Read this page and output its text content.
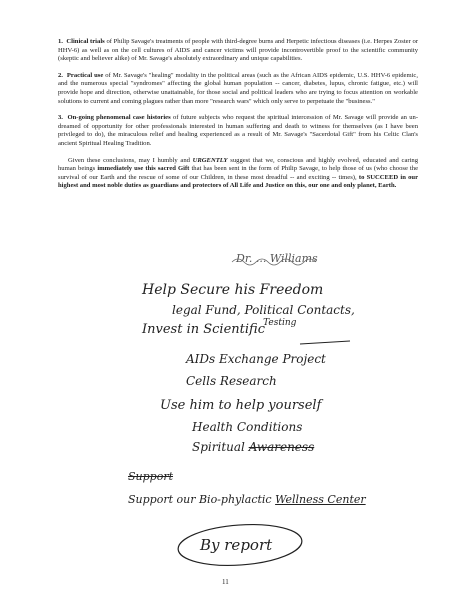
1. Clinical trials of Philip Savage's treatments of people with third-degree burns and Herpetic infectious diseases (i.e. Herpes Zoster or HHV-6) as well as on the cell cultures of AIDS and cancer victims will provide incontrovertible proof to the scientific community (skeptic and believer alike) of Mr. Savage's absolutely extraordinary and unique capabilities.

2. Practical use of Mr. Savage's "healing" modality in the political areas (such as the African AIDS epidemic, U.S. HHV-6 epidemic, and the numerous special "syndromes" affecting the global human population -- cancer, diabetes, lupus, chronic fatigue, etc.) will provide hope and direction, otherwise unattainable, for those social and political leaders who are trying to focus attention on workable solutions to current and coming plagues rather than more "research wars" which only serve to perpetuate the "business."

3. On-going phenomenal case histories of future subjects who request the spiritual intercession of Mr. Savage will provide an un-dreamed of opportunity for other professionals interested in human suffering and death to witness for themselves (as I have been privileged to do), the miraculous relief and healing experienced as a result of Mr. Savage's "Sacerdotal Gift" from his Celtic Clan's ancient Spiritual Healing Tradition.

Given these conclusions, may I humbly and URGENTLY suggest that we, conscious and highly evolved, educated and caring human beings immediately use this sacred Gift that has been sent in the form of Philip Savage, to help those of us (who choose the survival of our Earth and the rescue of some of our Children, in these most dreadful -- and exciting -- times), to SUCCEED in our highest and most noble duties as guardians and protectors of All Life and Justice on this, our one and only planet, Earth.

Dr. ... Williams
Help Secure his Freedom
legal Fund, Political Contacts,
Invest in Scientific $^{Testing}$
AIDs Exchange Project
Cells Research
Use him to help yourself
Health Conditions
Spiritual Awareness
Support
Support our Bio-phylactic Wellness Center
By report
11
